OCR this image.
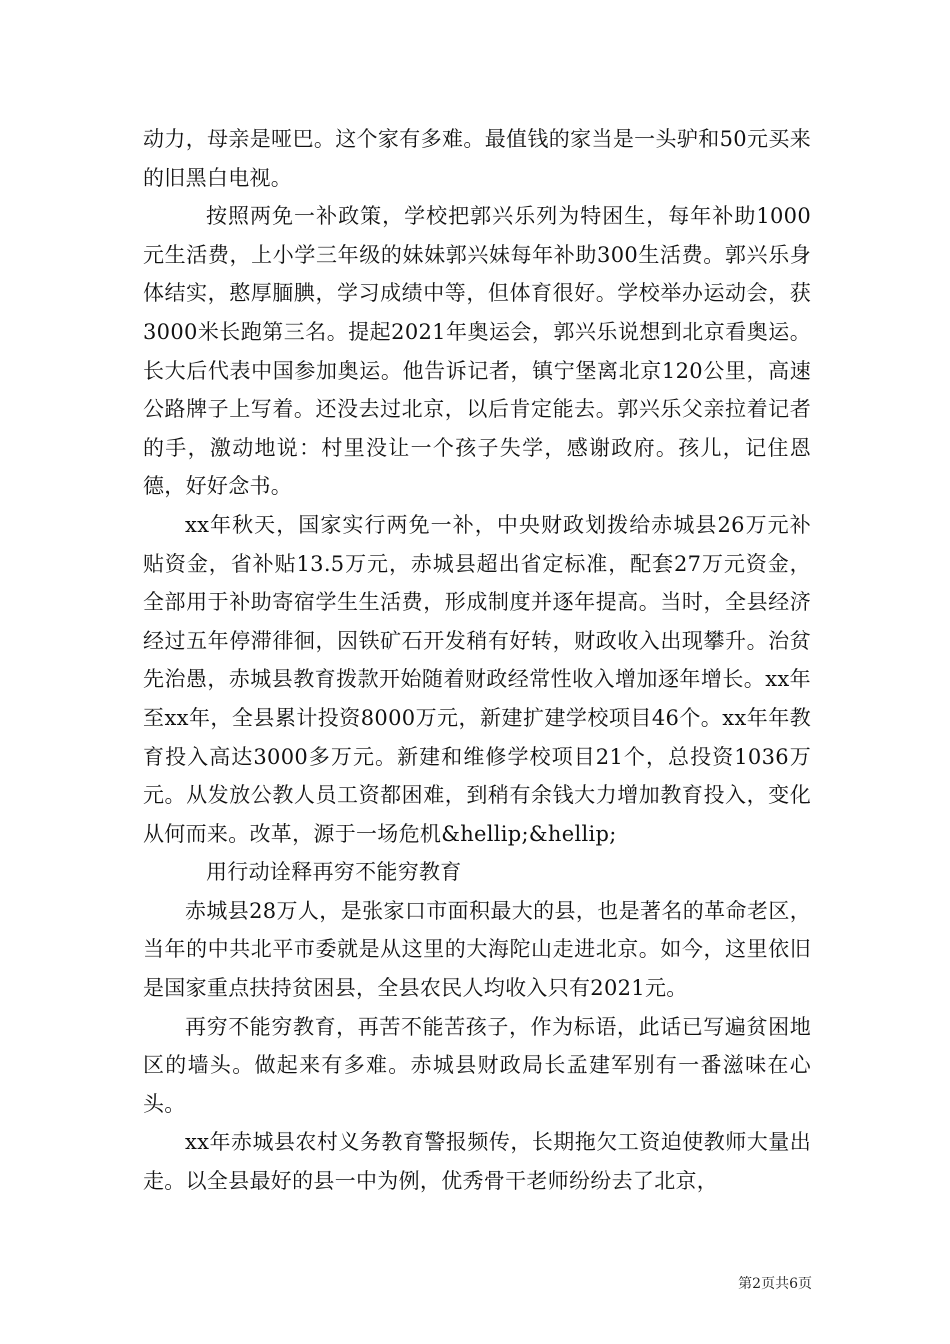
动力，母亲是哑巴。这个家有多难。最值钱的家当是一头驴和50元买来的旧黑白电视。

按照两免一补政策，学校把郭兴乐列为特困生，每年补助1000元生活费，上小学三年级的妹妹郭兴妹每年补助300生活费。郭兴乐身体结实，憨厚腼腆，学习成绩中等，但体育很好。学校举办运动会，获3000米长跑第三名。提起2021年奥运会，郭兴乐说想到北京看奥运。长大后代表中国参加奥运。他告诉记者，镇宁堡离北京120公里，高速公路牌子上写着。还没去过北京，以后肯定能去。郭兴乐父亲拉着记者的手，激动地说：村里没让一个孩子失学，感谢政府。孩儿，记住恩德，好好念书。

xx年秋天，国家实行两免一补，中央财政划拨给赤城县26万元补贴资金，省补贴13.5万元，赤城县超出省定标准，配套27万元资金，全部用于补助寄宿学生生活费，形成制度并逐年提高。当时，全县经济经过五年停滞徘徊，因铁矿石开发稍有好转，财政收入出现攀升。治贫先治愚，赤城县教育拨款开始随着财政经常性收入增加逐年增长。xx年至xx年，全县累计投资8000万元，新建扩建学校项目46个。xx年年教育投入高达3000多万元。新建和维修学校项目21个，总投资1036万元。从发放公教人员工资都困难，到稍有余钱大力增加教育投入，变化从何而来。改革，源于一场危机&hellip;&hellip;

用行动诠释再穷不能穷教育

赤城县28万人，是张家口市面积最大的县，也是著名的革命老区，当年的中共北平市委就是从这里的大海陀山走进北京。如今，这里依旧是国家重点扶持贫困县，全县农民人均收入只有2021元。

再穷不能穷教育，再苦不能苦孩子，作为标语，此话已写遍贫困地区的墙头。做起来有多难。赤城县财政局长孟建军别有一番滋味在心头。

xx年赤城县农村义务教育警报频传，长期拖欠工资迫使教师大量出走。以全县最好的县一中为例，优秀骨干老师纷纷去了北京，

第2页共6页
